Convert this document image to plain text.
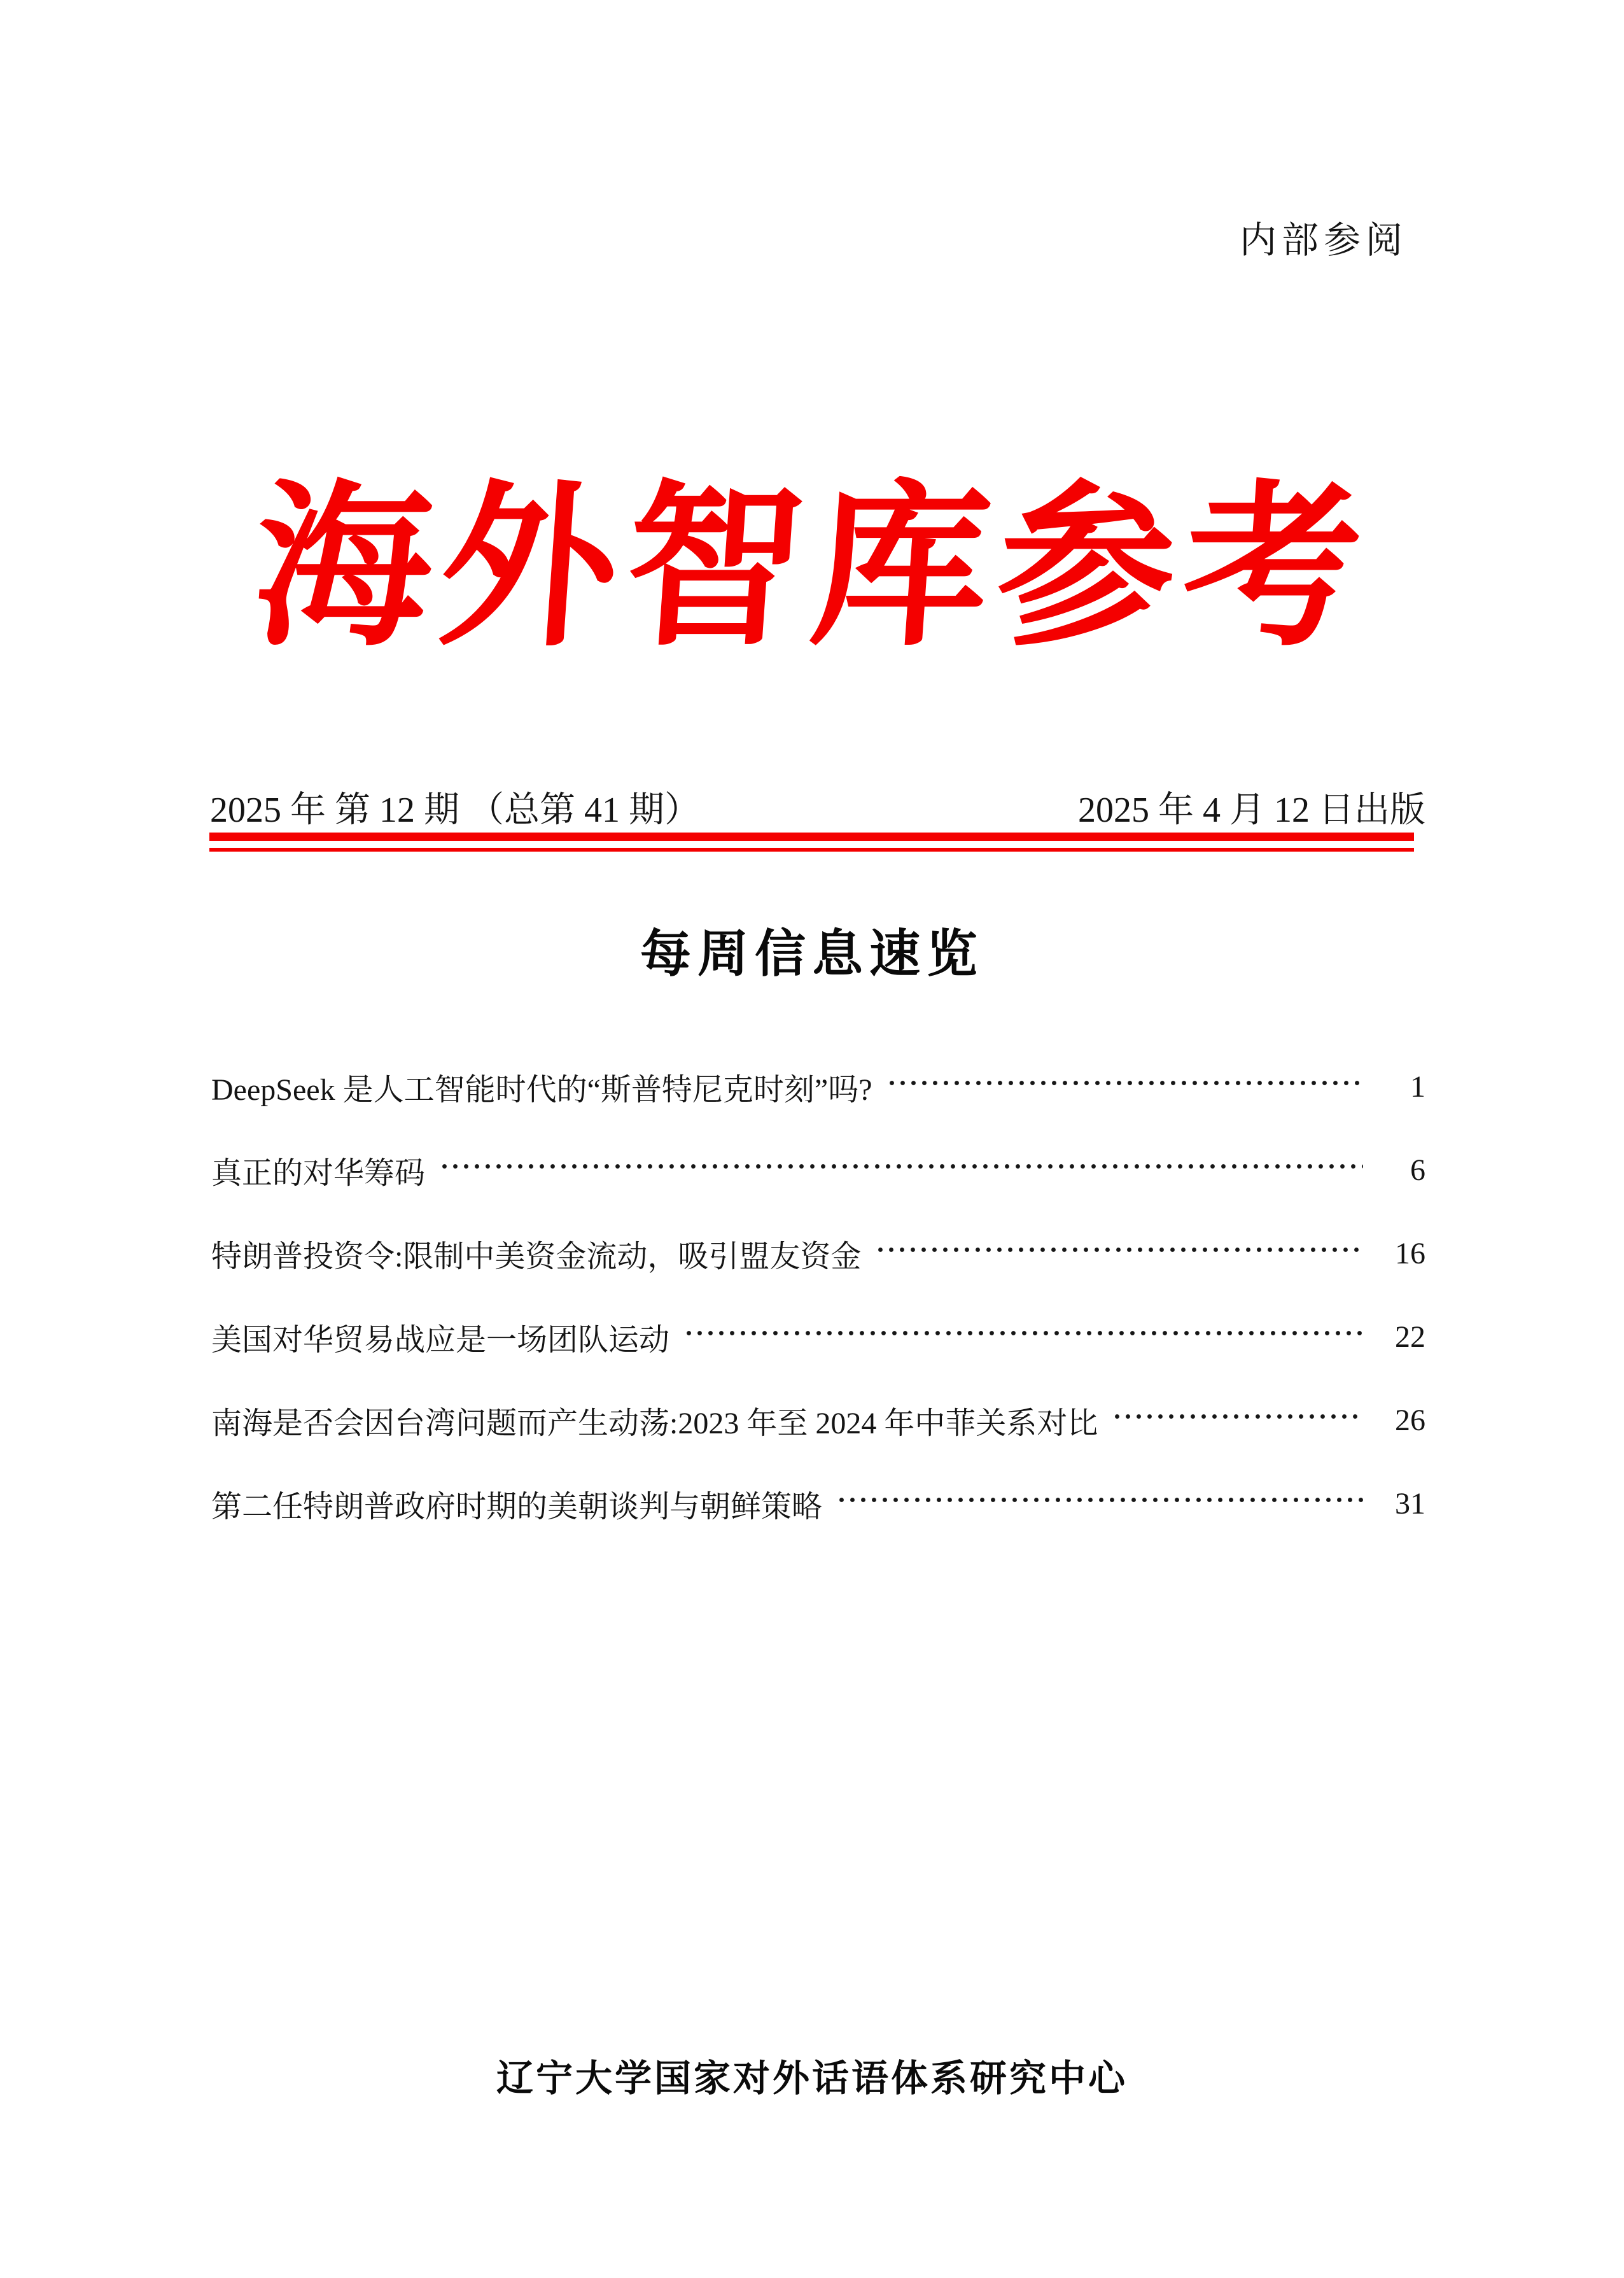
内部参阅
海外智库参考
2025 年 第 12 期 （总第 41 期）	2025 年 4 月 12 日出版
每周信息速览
DeepSeek 是人工智能时代的“斯普特尼克时刻”吗?	1
真正的对华筹码	6
特朗普投资令:限制中美资金流动，吸引盟友资金	16
美国对华贸易战应是一场团队运动	22
南海是否会因台湾问题而产生动荡:2023 年至 2024 年中菲关系对比	26
第二任特朗普政府时期的美朝谈判与朝鲜策略	31
辽宁大学国家对外话语体系研究中心
